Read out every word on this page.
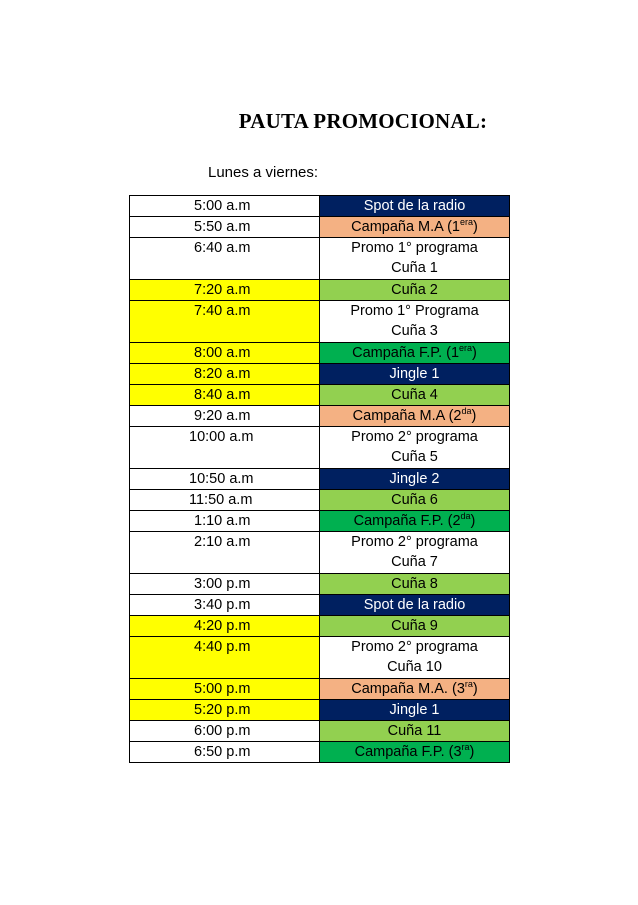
PAUTA PROMOCIONAL:
Lunes a viernes:
5:00 a.m	Spot de la radio
5:50 a.m	Campaña M.A $(1^{era})$
6:40 a.m	Promo 1° programa
Cuña 1

7:20 a.m	Cuña 2
7:40 a.m	Promo 1° Programa
Cuña 3

8:00 a.m	Campaña F.P. $(1^{era})$
8:20 a.m	Jingle 1
8:40 a.m	Cuña 4
9:20 a.m	Campaña M.A $(2^{da})$
10:00 a.m	Promo 2° programa
Cuña 5

10:50 a.m	Jingle 2
11:50 a.m	Cuña 6
1:10 a.m	Campaña F.P. $(2^{da})$
2:10 a.m	Promo 2° programa
Cuña 7

3:00 p.m	Cuña 8
3:40 p.m	Spot de la radio
4:20 p.m	Cuña 9
4:40 p.m	Promo 2° programa
Cuña 10

5:00 p.m	Campaña M.A. $(3^{ra})$
5:20 p.m	Jingle 1
6:00 p.m	Cuña 11
6:50 p.m	Campaña F.P. $(3^{ra})$
